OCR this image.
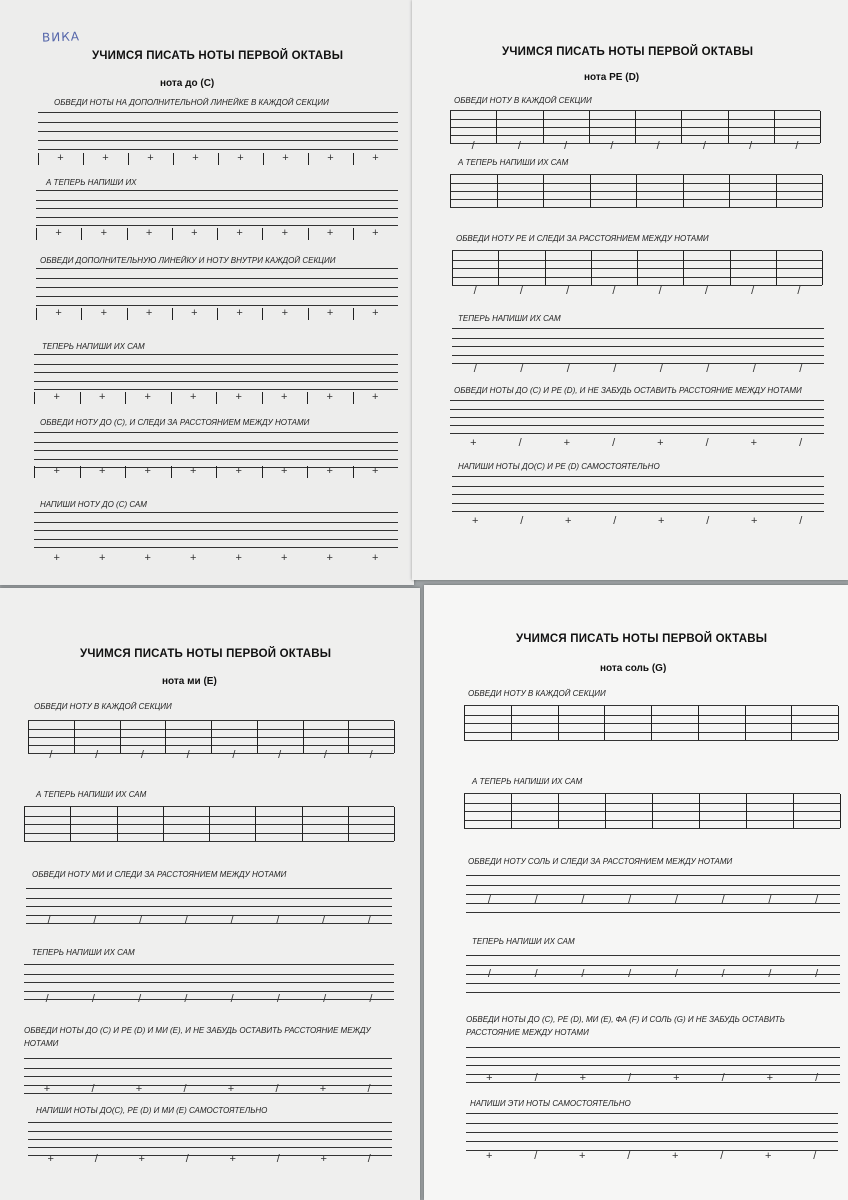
ВИКА
УЧИМСЯ ПИСАТЬ НОТЫ ПЕРВОЙ ОКТАВЫ
нота до (C)
ОБВЕДИ НОТЫ НА ДОПОЛНИТЕЛЬНОЙ ЛИНЕЙКЕ В КАЖДОЙ СЕКЦИИ
+	+	+	+	+	+	+	+
А ТЕПЕРЬ НАПИШИ ИХ
+	+	+	+	+	+	+	+
ОБВЕДИ ДОПОЛНИТЕЛЬНУЮ ЛИНЕЙКУ И НОТУ ВНУТРИ КАЖДОЙ СЕКЦИИ
+	+	+	+	+	+	+	+
ТЕПЕРЬ НАПИШИ ИХ САМ
+	+	+	+	+	+	+	+
ОБВЕДИ НОТУ ДО (C), И СЛЕДИ ЗА РАССТОЯНИЕМ МЕЖДУ НОТАМИ
+	+	+	+	+	+	+	+
НАПИШИ НОТУ ДО (C) САМ
+	+	+	+	+	+	+	+
УЧИМСЯ ПИСАТЬ НОТЫ ПЕРВОЙ ОКТАВЫ
нота РЕ (D)
ОБВЕДИ НОТУ В КАЖДОЙ СЕКЦИИ
/	/	/	/	/	/	/	/
А ТЕПЕРЬ НАПИШИ ИХ САМ
ОБВЕДИ НОТУ РЕ И СЛЕДИ ЗА РАССТОЯНИЕМ МЕЖДУ НОТАМИ
/	/	/	/	/	/	/	/
ТЕПЕРЬ НАПИШИ ИХ САМ
/	/	/	/	/	/	/	/
ОБВЕДИ НОТЫ ДО (C) И РЕ (D), И НЕ ЗАБУДЬ ОСТАВИТЬ РАССТОЯНИЕ МЕЖДУ НОТАМИ
+	/	+	/	+	/	+	/
НАПИШИ НОТЫ ДО(C) И РЕ (D) САМОСТОЯТЕЛЬНО
+	/	+	/	+	/	+	/
УЧИМСЯ ПИСАТЬ НОТЫ ПЕРВОЙ ОКТАВЫ
нота ми (E)
ОБВЕДИ НОТУ В КАЖДОЙ СЕКЦИИ
/	/	/	/	/	/	/	/
А ТЕПЕРЬ НАПИШИ ИХ САМ
ОБВЕДИ НОТУ МИ И СЛЕДИ ЗА РАССТОЯНИЕМ МЕЖДУ НОТАМИ
/	/	/	/	/	/	/	/
ТЕПЕРЬ НАПИШИ ИХ САМ
/	/	/	/	/	/	/	/
ОБВЕДИ НОТЫ ДО (C) И РЕ (D) И МИ (E), И НЕ ЗАБУДЬ ОСТАВИТЬ РАССТОЯНИЕ МЕЖДУ НОТАМИ
+	/	+	/	+	/	+	/
НАПИШИ НОТЫ ДО(C), РЕ (D) И МИ (E) САМОСТОЯТЕЛЬНО
+	/	+	/	+	/	+	/
УЧИМСЯ ПИСАТЬ НОТЫ ПЕРВОЙ ОКТАВЫ
нота соль (G)
ОБВЕДИ НОТУ В КАЖДОЙ СЕКЦИИ
А ТЕПЕРЬ НАПИШИ ИХ САМ
ОБВЕДИ НОТУ СОЛЬ И СЛЕДИ ЗА РАССТОЯНИЕМ МЕЖДУ НОТАМИ
/	/	/	/	/	/	/	/
ТЕПЕРЬ НАПИШИ ИХ САМ
/	/	/	/	/	/	/	/
ОБВЕДИ НОТЫ ДО (C), РЕ (D), МИ (E), ФА (F) И СОЛЬ (G) И НЕ ЗАБУДЬ ОСТАВИТЬ РАССТОЯНИЕ МЕЖДУ НОТАМИ
+	/	+	/	+	/	+	/
НАПИШИ ЭТИ НОТЫ САМОСТОЯТЕЛЬНО
+	/	+	/	+	/	+	/
